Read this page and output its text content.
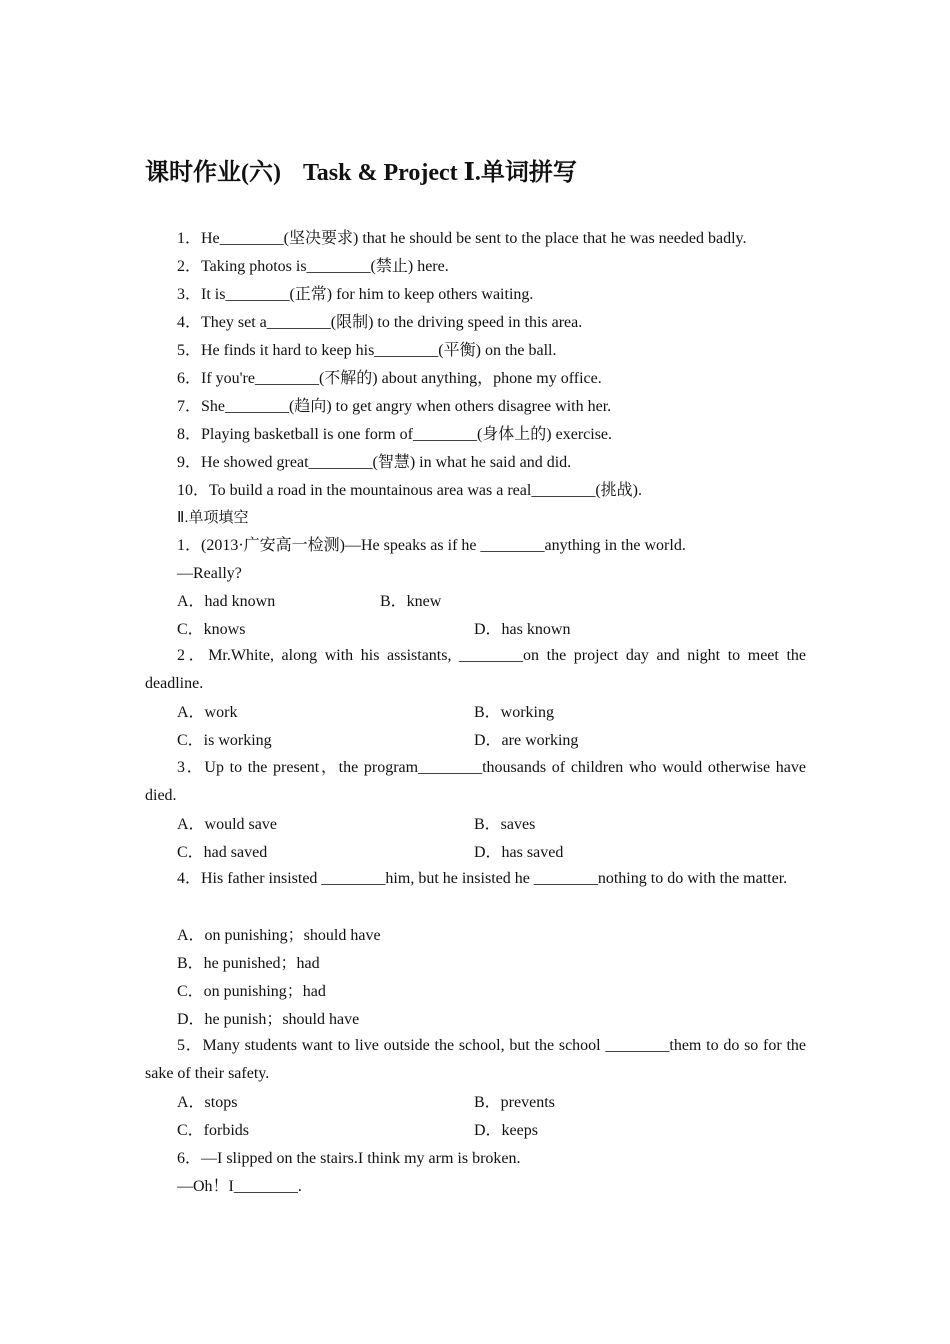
课时作业(六) Task & Project Ⅰ.单词拼写
1．He________(坚决要求) that he should be sent to the place that he was needed badly.
2．Taking photos is________(禁止) here.
3．It is________(正常) for him to keep others waiting.
4．They set a________(限制) to the driving speed in this area.
5．He finds it hard to keep his________(平衡) on the ball.
6．If you're________(不解的) about anything，phone my office.
7．She________(趋向) to get angry when others disagree with her.
8．Playing basketball is one form of________(身体上的) exercise.
9．He showed great________(智慧) in what he said and did.
10．To build a road in the mountainous area was a real________(挑战).
Ⅱ.单项填空
1．(2013·广安高一检测)—He speaks as if he ________anything in the world.
—Really?
A．had known	B．knew
C．knows	D．has known

2．Mr.White, along with his assistants, ________on the project day and night to meet the deadline.

A．work	B．working
C．is working	D．are working

3．Up to the present，the program________thousands of children who would otherwise have died.

A．would save	B．saves
C．had saved	D．has saved

4．His father insisted ________him, but he insisted he ________nothing to do with the matter.

A．on punishing；should have
B．he punished；had
C．on punishing；had
D．he punish；should have

5．Many students want to live outside the school, but the school ________them to do so for the sake of their safety.

A．stops	B．prevents
C．forbids	D．keeps
6．—I slipped on the stairs.I think my arm is broken.
—Oh！I________.
